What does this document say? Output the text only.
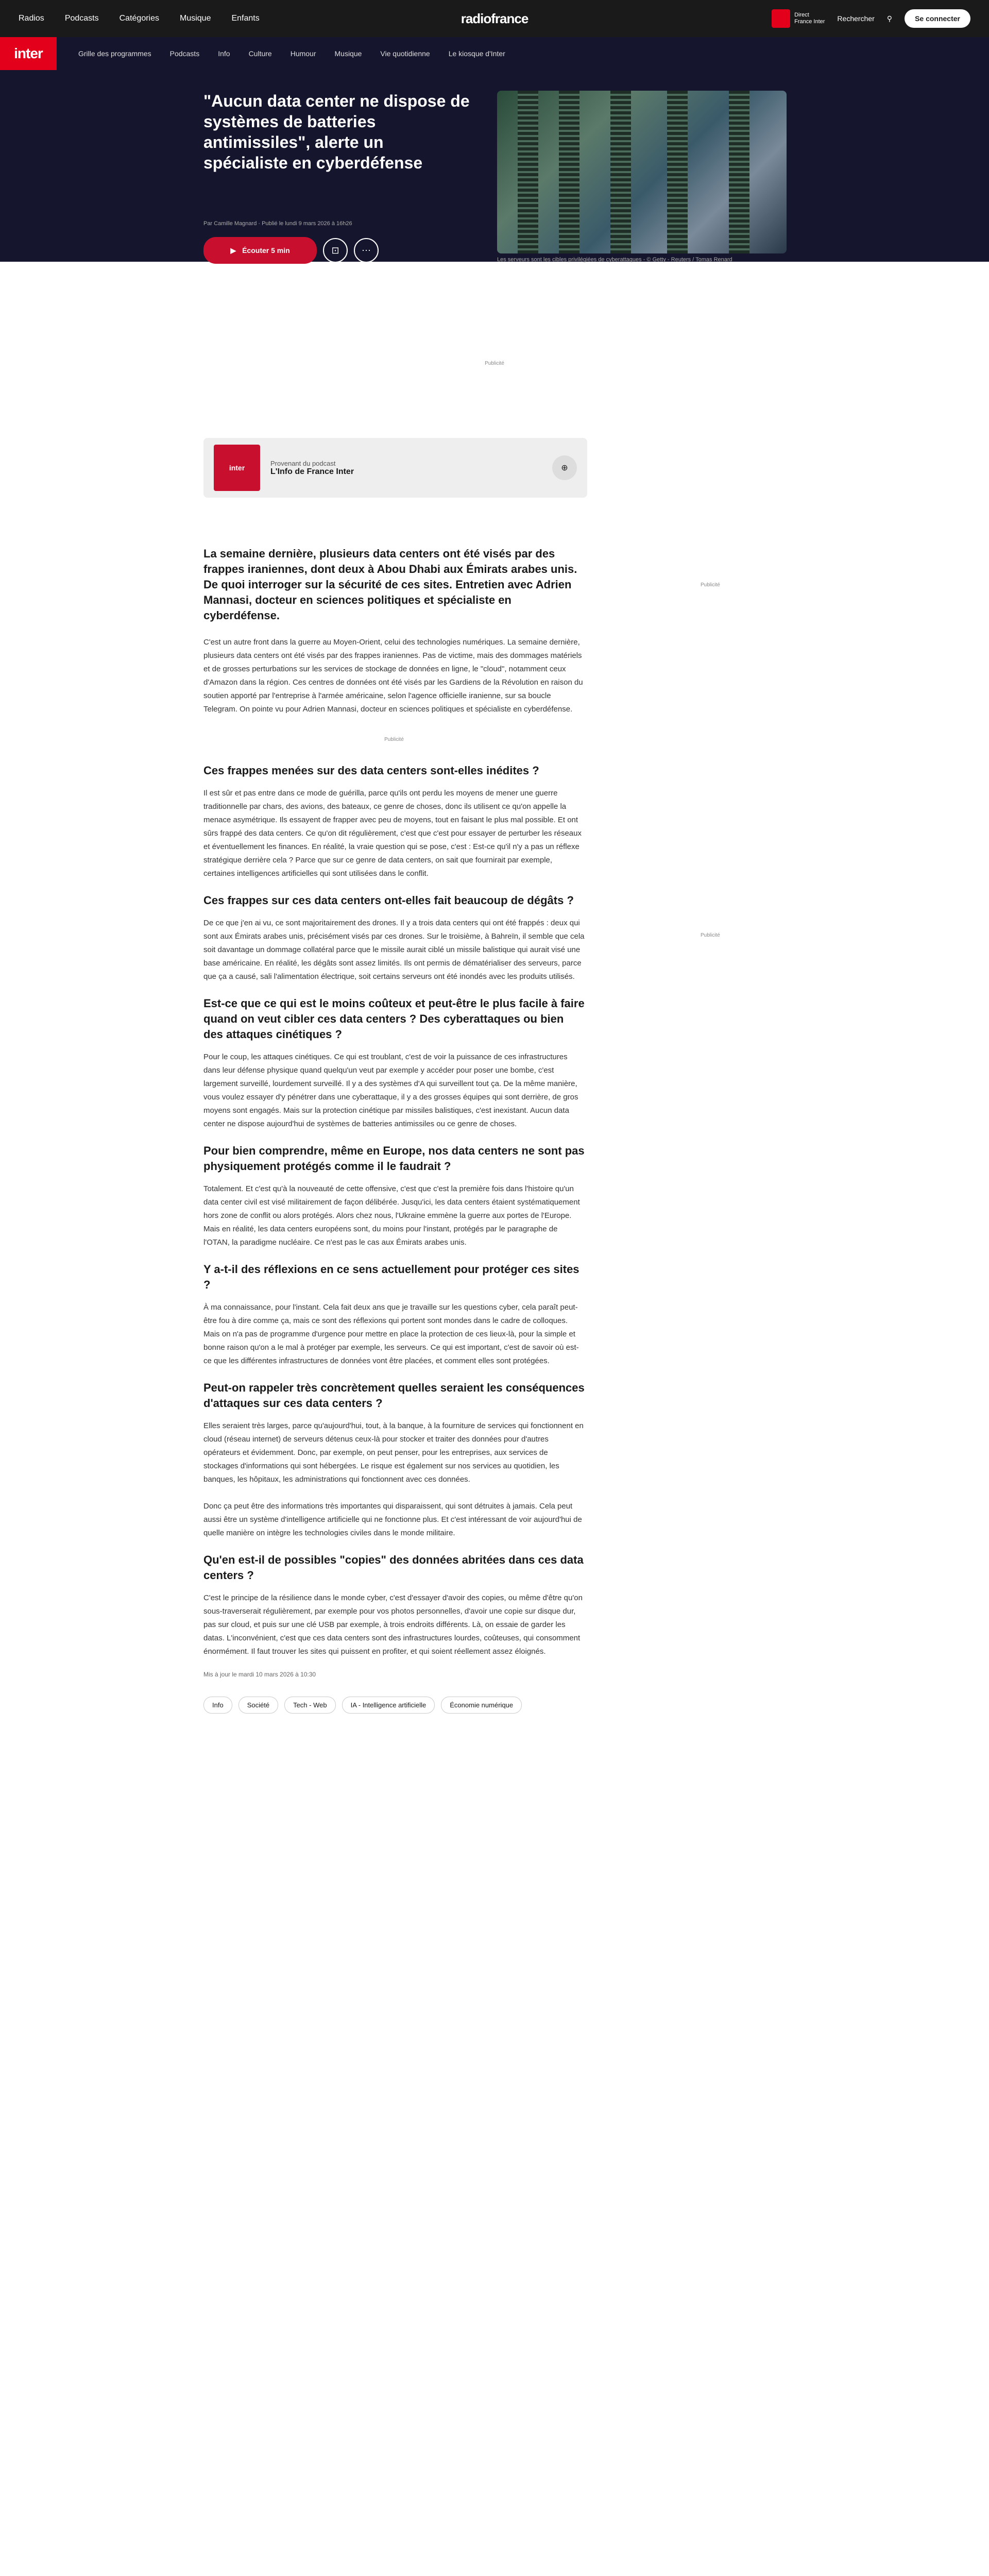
Radios	Podcasts	Catégories	Musique	Enfants	radiofrance	Direct
France Inter Rechercher ⚲	Se connecter
inter	Grille des programmes	Podcasts	Info	Culture	Humour	Musique	Vie quotidienne	Le kiosque d'Inter
"Aucun data center ne dispose de systèmes de batteries antimissiles", alerte un spécialiste en cyberdéfense
Par Camille Magnard · Publié le lundi 9 mars 2026 à 16h26
▶ Écouter 5 min	⊡ ⋯
Les serveurs sont les cibles privilégiées de cyberattaques - © Getty - Reuters / Tomas Renard
Publicité
inter
Provenant du podcast
L'Info de France Inter	⊕
Publicité
Publicité

La semaine dernière, plusieurs data centers ont été visés par des frappes iraniennes, dont deux à Abou Dhabi aux Émirats arabes unis. De quoi interroger sur la sécurité de ces sites. Entretien avec Adrien Mannasi, docteur en sciences politiques et spécialiste en cyberdéfense.

C'est un autre front dans la guerre au Moyen-Orient, celui des technologies numériques. La semaine dernière, plusieurs data centers ont été visés par des frappes iraniennes. Pas de victime, mais des dommages matériels et de grosses perturbations sur les services de stockage de données en ligne, le "cloud", notamment ceux d'Amazon dans la région. Ces centres de données ont été visés par les Gardiens de la Révolution en raison du soutien apporté par l'entreprise à l'armée américaine, selon l'agence officielle iranienne, sur sa boucle Telegram. On pointe vu pour Adrien Mannasi, docteur en sciences politiques et spécialiste en cyberdéfense.

Publicité
Ces frappes menées sur des data centers sont-elles inédites ?

Il est sûr et pas entre dans ce mode de guérilla, parce qu'ils ont perdu les moyens de mener une guerre traditionnelle par chars, des avions, des bateaux, ce genre de choses, donc ils utilisent ce qu'on appelle la menace asymétrique. Ils essayent de frapper avec peu de moyens, tout en faisant le plus mal possible. Et ont sûrs frappé des data centers. Ce qu'on dit régulièrement, c'est que c'est pour essayer de perturber les réseaux et éventuellement les finances. En réalité, la vraie question qui se pose, c'est : Est-ce qu'il n'y a pas un réflexe stratégique derrière cela ? Parce que sur ce genre de data centers, on sait que fournirait par exemple, certaines intelligences artificielles qui sont utilisées dans le conflit.

Ces frappes sur ces data centers ont-elles fait beaucoup de dégâts ?

De ce que j'en ai vu, ce sont majoritairement des drones. Il y a trois data centers qui ont été frappés : deux qui sont aux Émirats arabes unis, précisément visés par ces drones. Sur le troisième, à Bahreïn, il semble que cela soit davantage un dommage collatéral parce que le missile aurait ciblé un missile balistique qui aurait visé une base américaine. En réalité, les dégâts sont assez limités. Ils ont permis de dématérialiser des serveurs, parce que ça a causé, sali l'alimentation électrique, soit certains serveurs ont été inondés avec les produits utilisés.

Est-ce que ce qui est le moins coûteux et peut-être le plus facile à faire quand on veut cibler ces data centers ? Des cyberattaques ou bien des attaques cinétiques ?

Pour le coup, les attaques cinétiques. Ce qui est troublant, c'est de voir la puissance de ces infrastructures dans leur défense physique quand quelqu'un veut par exemple y accéder pour poser une bombe, c'est largement surveillé, lourdement surveillé. Il y a des systèmes d'A qui surveillent tout ça. De la même manière, vous voulez essayer d'y pénétrer dans une cyberattaque, il y a des grosses équipes qui sont derrière, de gros moyens sont engagés. Mais sur la protection cinétique par missiles balistiques, c'est inexistant. Aucun data center ne dispose aujourd'hui de systèmes de batteries antimissiles ou ce genre de choses.

Pour bien comprendre, même en Europe, nos data centers ne sont pas physiquement protégés comme il le faudrait ?

Totalement. Et c'est qu'à la nouveauté de cette offensive, c'est que c'est la première fois dans l'histoire qu'un data center civil est visé militairement de façon délibérée. Jusqu'ici, les data centers étaient systématiquement hors zone de conflit ou alors protégés. Alors chez nous, l'Ukraine emmène la guerre aux portes de l'Europe. Mais en réalité, les data centers européens sont, du moins pour l'instant, protégés par le paragraphe de l'OTAN, la paradigme nucléaire. Ce n'est pas le cas aux Émirats arabes unis.

Y a-t-il des réflexions en ce sens actuellement pour protéger ces sites ?

À ma connaissance, pour l'instant. Cela fait deux ans que je travaille sur les questions cyber, cela paraît peut-être fou à dire comme ça, mais ce sont des réflexions qui portent sont mondes dans le cadre de colloques. Mais on n'a pas de programme d'urgence pour mettre en place la protection de ces lieux-là, pour la simple et bonne raison qu'on a le mal à protéger par exemple, les serveurs. Ce qui est important, c'est de savoir où est-ce que les différentes infrastructures de données vont être placées, et comment elles sont protégées.

Peut-on rappeler très concrètement quelles seraient les conséquences d'attaques sur ces data centers ?

Elles seraient très larges, parce qu'aujourd'hui, tout, à la banque, à la fourniture de services qui fonctionnent en cloud (réseau internet) de serveurs détenus ceux-là pour stocker et traiter des données pour d'autres opérateurs et évidemment. Donc, par exemple, on peut penser, pour les entreprises, aux services de stockages d'informations qui sont hébergées. Le risque est également sur nos services au quotidien, les banques, les hôpitaux, les administrations qui fonctionnent avec ces données.

Donc ça peut être des informations très importantes qui disparaissent, qui sont détruites à jamais. Cela peut aussi être un système d'intelligence artificielle qui ne fonctionne plus. Et c'est intéressant de voir aujourd'hui de quelle manière on intègre les technologies civiles dans le monde militaire.

Qu'en est-il de possibles "copies" des données abritées dans ces data centers ?

C'est le principe de la résilience dans le monde cyber, c'est d'essayer d'avoir des copies, ou même d'être qu'on sous-traverserait régulièrement, par exemple pour vos photos personnelles, d'avoir une copie sur disque dur, pas sur cloud, et puis sur une clé USB par exemple, à trois endroits différents. Là, on essaie de garder les datas. L'inconvénient, c'est que ces data centers sont des infrastructures lourdes, coûteuses, qui consomment énormément. Il faut trouver les sites qui puissent en profiter, et qui soient réellement assez éloignés.

Mis à jour le mardi 10 mars 2026 à 10:30

Info	Société	Tech - Web	IA - Intelligence artificielle	Économie numérique
